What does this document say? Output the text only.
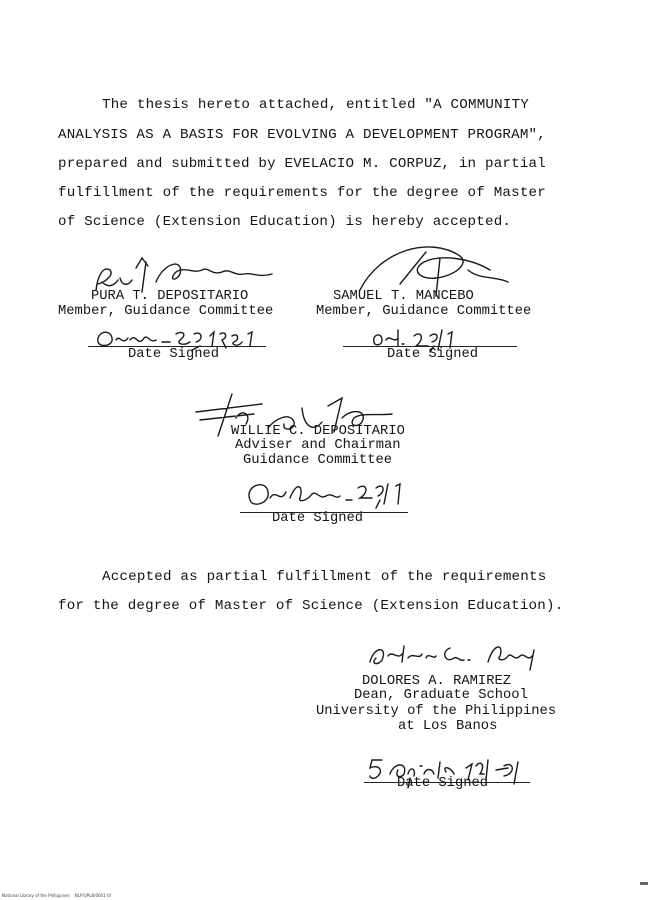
The thesis hereto attached, entitled "A COMMUNITY
ANALYSIS AS A BASIS FOR EVOLVING A DEVELOPMENT PROGRAM",
prepared and submitted by EVELACIO M. CORPUZ, in partial
fulfillment of the requirements for the degree of Master
of Science (Extension Education) is hereby accepted.
PURA T. DEPOSITARIO
Member, Guidance Committee
Date Signed
SAMUEL T. MANCEBO
Member, Guidance Committee
Date Signed
WILLIE C. DEPOSITARIO
Adviser and Chairman
Guidance Committee
Date Signed
Accepted as partial fulfillment of the requirements
for the degree of Master of Science (Extension Education).
DOLORES A. RAMIREZ
Dean, Graduate School
University of the Philippines
at Los Banos
Date Signed
National Library of the Philippines    NLP/UPLB/0001 tif
